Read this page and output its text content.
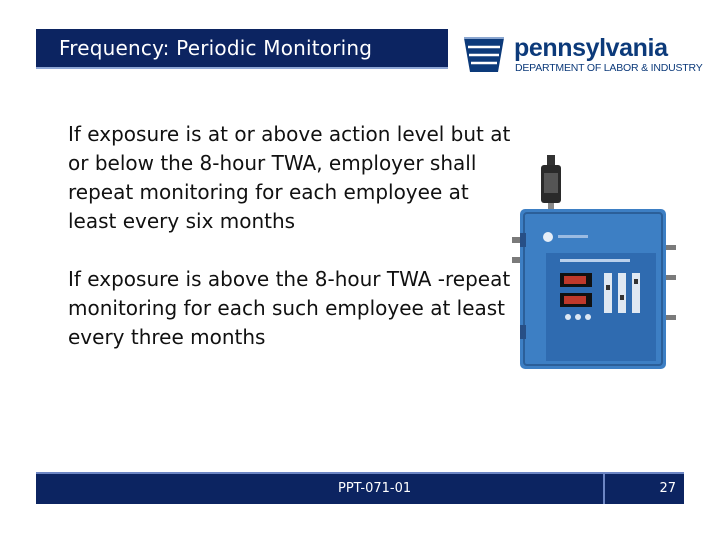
Frequency: Periodic Monitoring	pennsylvania
DEPARTMENT OF LABOR & INDUSTRY

If exposure is at or above action level but at or below the 8-hour TWA, employer shall repeat monitoring for each employee at least every six months

If exposure is above the 8-hour TWA -repeat monitoring for each such employee at least every three months

PPT-071-01	27
